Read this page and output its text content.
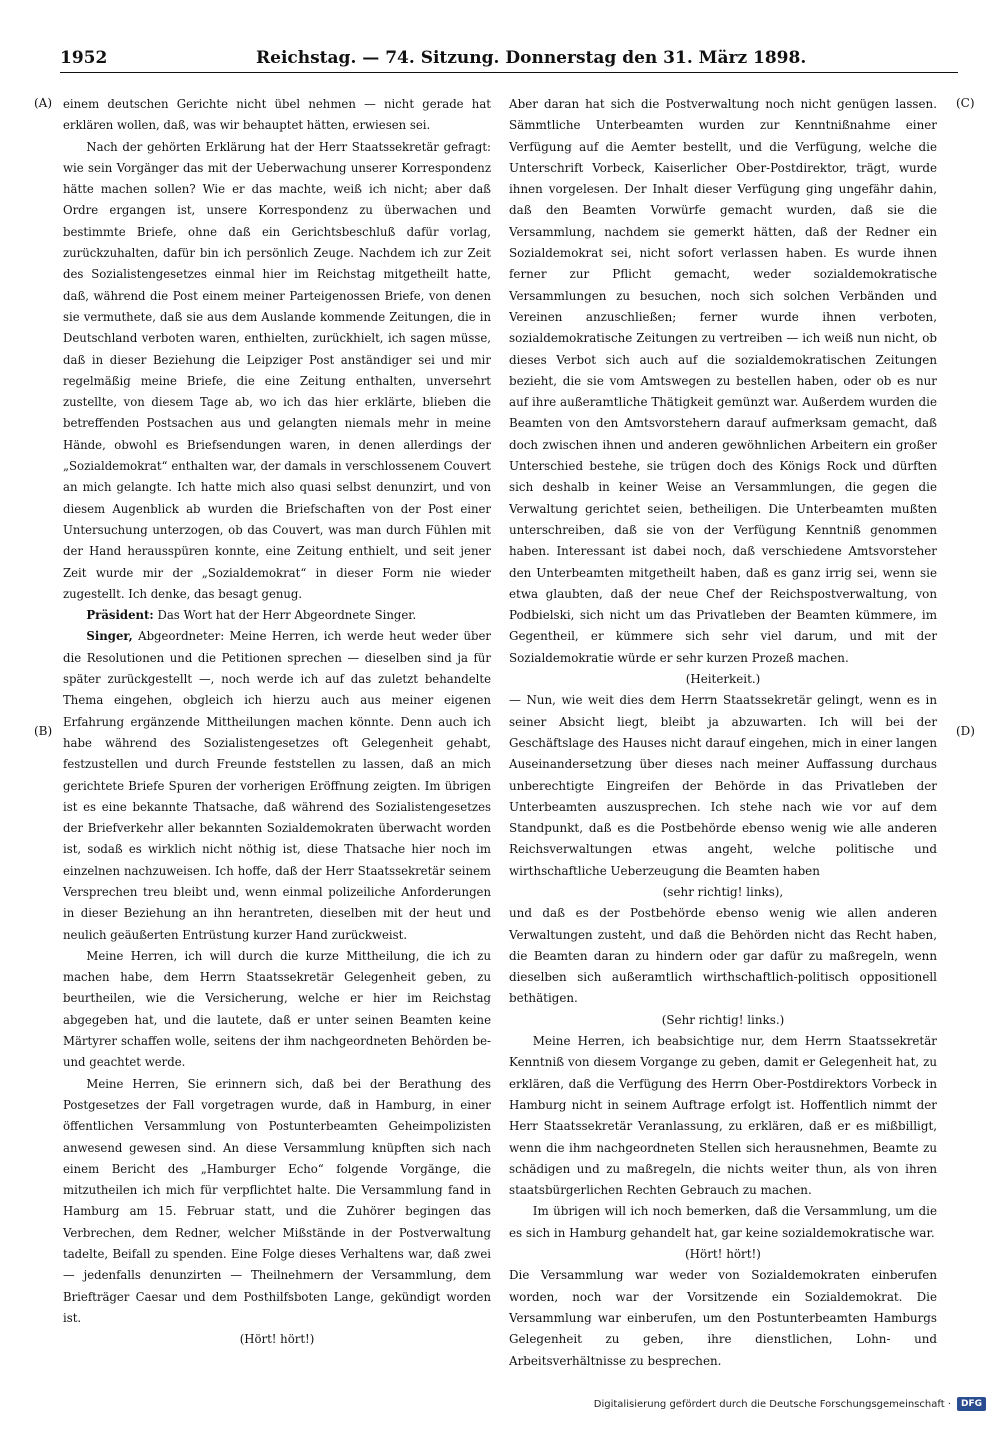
1952	Reichstag. — 74. Sitzung. Donnerstag den 31. März 1898.
(A)
(B)
(C)
(D)

einem deutschen Gerichte nicht übel nehmen — nicht gerade hat erklären wollen, daß, was wir behauptet hätten, erwiesen sei.

Nach der gehörten Erklärung hat der Herr Staatssekretär gefragt: wie sein Vorgänger das mit der Ueberwachung unserer Korrespondenz hätte machen sollen? Wie er das machte, weiß ich nicht; aber daß Ordre ergangen ist, unsere Korrespondenz zu überwachen und bestimmte Briefe, ohne daß ein Gerichtsbeschluß dafür vorlag, zurückzuhalten, dafür bin ich persönlich Zeuge. Nachdem ich zur Zeit des Sozialistengesetzes einmal hier im Reichstag mitgetheilt hatte, daß, während die Post einem meiner Parteigenossen Briefe, von denen sie vermuthete, daß sie aus dem Auslande kommende Zeitungen, die in Deutschland verboten waren, enthielten, zurückhielt, ich sagen müsse, daß in dieser Beziehung die Leipziger Post anständiger sei und mir regelmäßig meine Briefe, die eine Zeitung enthalten, unversehrt zustellte, von diesem Tage ab, wo ich das hier erklärte, blieben die betreffenden Postsachen aus und gelangten niemals mehr in meine Hände, obwohl es Briefsendungen waren, in denen allerdings der „Sozialdemokrat“ enthalten war, der damals in verschlossenem Couvert an mich gelangte. Ich hatte mich also quasi selbst denunzirt, und von diesem Augenblick ab wurden die Briefschaften von der Post einer Untersuchung unterzogen, ob das Couvert, was man durch Fühlen mit der Hand herausspüren konnte, eine Zeitung enthielt, und seit jener Zeit wurde mir der „Sozialdemokrat“ in dieser Form nie wieder zugestellt. Ich denke, das besagt genug.

Präsident: Das Wort hat der Herr Abgeordnete Singer.

Singer, Abgeordneter: Meine Herren, ich werde heut weder über die Resolutionen und die Petitionen sprechen — dieselben sind ja für später zurückgestellt —, noch werde ich auf das zuletzt behandelte Thema eingehen, obgleich ich hierzu auch aus meiner eigenen Erfahrung ergänzende Mittheilungen machen könnte. Denn auch ich habe während des Sozialistengesetzes oft Gelegenheit gehabt, festzustellen und durch Freunde feststellen zu lassen, daß an mich gerichtete Briefe Spuren der vorherigen Eröffnung zeigten. Im übrigen ist es eine bekannte Thatsache, daß während des Sozialistengesetzes der Briefverkehr aller bekannten Sozialdemokraten überwacht worden ist, sodaß es wirklich nicht nöthig ist, diese Thatsache hier noch im einzelnen nachzuweisen. Ich hoffe, daß der Herr Staatssekretär seinem Versprechen treu bleibt und, wenn einmal polizeiliche Anforderungen in dieser Beziehung an ihn herantreten, dieselben mit der heut und neulich geäußerten Entrüstung kurzer Hand zurückweist.

Meine Herren, ich will durch die kurze Mittheilung, die ich zu machen habe, dem Herrn Staatssekretär Gelegenheit geben, zu beurtheilen, wie die Versicherung, welche er hier im Reichstag abgegeben hat, und die lautete, daß er unter seinen Beamten keine Märtyrer schaffen wolle, seitens der ihm nachgeordneten Behörden be- und geachtet werde.

Meine Herren, Sie erinnern sich, daß bei der Berathung des Postgesetzes der Fall vorgetragen wurde, daß in Hamburg, in einer öffentlichen Versammlung von Postunterbeamten Geheimpolizisten anwesend gewesen sind. An diese Versammlung knüpften sich nach einem Bericht des „Hamburger Echo“ folgende Vorgänge, die mitzutheilen ich mich für verpflichtet halte. Die Versammlung fand in Hamburg am 15. Februar statt, und die Zuhörer begingen das Verbrechen, dem Redner, welcher Mißstände in der Postverwaltung tadelte, Beifall zu spenden. Eine Folge dieses Verhaltens war, daß zwei — jedenfalls denunzirten — Theilnehmern der Versammlung, dem Briefträger Caesar und dem Posthilfsboten Lange, gekündigt worden ist.

(Hört! hört!)

Aber daran hat sich die Postverwaltung noch nicht genügen lassen. Sämmtliche Unterbeamten wurden zur Kenntnißnahme einer Verfügung auf die Aemter bestellt, und die Verfügung, welche die Unterschrift Vorbeck, Kaiserlicher Ober-Postdirektor, trägt, wurde ihnen vorgelesen. Der Inhalt dieser Verfügung ging ungefähr dahin, daß den Beamten Vorwürfe gemacht wurden, daß sie die Versammlung, nachdem sie gemerkt hätten, daß der Redner ein Sozialdemokrat sei, nicht sofort verlassen haben. Es wurde ihnen ferner zur Pflicht gemacht, weder sozialdemokratische Versammlungen zu besuchen, noch sich solchen Verbänden und Vereinen anzuschließen; ferner wurde ihnen verboten, sozialdemokratische Zeitungen zu vertreiben — ich weiß nun nicht, ob dieses Verbot sich auch auf die sozialdemokratischen Zeitungen bezieht, die sie vom Amtswegen zu bestellen haben, oder ob es nur auf ihre außeramtliche Thätigkeit gemünzt war. Außerdem wurden die Beamten von den Amtsvorstehern darauf aufmerksam gemacht, daß doch zwischen ihnen und anderen gewöhnlichen Arbeitern ein großer Unterschied bestehe, sie trügen doch des Königs Rock und dürften sich deshalb in keiner Weise an Versammlungen, die gegen die Verwaltung gerichtet seien, betheiligen. Die Unterbeamten mußten unterschreiben, daß sie von der Verfügung Kenntniß genommen haben. Interessant ist dabei noch, daß verschiedene Amtsvorsteher den Unterbeamten mitgetheilt haben, daß es ganz irrig sei, wenn sie etwa glaubten, daß der neue Chef der Reichspostverwaltung, von Podbielski, sich nicht um das Privatleben der Beamten kümmere, im Gegentheil, er kümmere sich sehr viel darum, und mit der Sozialdemokratie würde er sehr kurzen Prozeß machen.

(Heiterkeit.)

— Nun, wie weit dies dem Herrn Staatssekretär gelingt, wenn es in seiner Absicht liegt, bleibt ja abzuwarten. Ich will bei der Geschäftslage des Hauses nicht darauf eingehen, mich in einer langen Auseinandersetzung über dieses nach meiner Auffassung durchaus unberechtigte Eingreifen der Behörde in das Privatleben der Unterbeamten auszusprechen. Ich stehe nach wie vor auf dem Standpunkt, daß es die Postbehörde ebenso wenig wie alle anderen Reichsverwaltungen etwas angeht, welche politische und wirthschaftliche Ueberzeugung die Beamten haben

(sehr richtig! links),

und daß es der Postbehörde ebenso wenig wie allen anderen Verwaltungen zusteht, und daß die Behörden nicht das Recht haben, die Beamten daran zu hindern oder gar dafür zu maßregeln, wenn dieselben sich außeramtlich wirthschaftlich-politisch oppositionell bethätigen.

(Sehr richtig! links.)

Meine Herren, ich beabsichtige nur, dem Herrn Staatssekretär Kenntniß von diesem Vorgange zu geben, damit er Gelegenheit hat, zu erklären, daß die Verfügung des Herrn Ober-Postdirektors Vorbeck in Hamburg nicht in seinem Auftrage erfolgt ist. Hoffentlich nimmt der Herr Staatssekretär Veranlassung, zu erklären, daß er es mißbilligt, wenn die ihm nachgeordneten Stellen sich herausnehmen, Beamte zu schädigen und zu maßregeln, die nichts weiter thun, als von ihren staatsbürgerlichen Rechten Gebrauch zu machen.

Im übrigen will ich noch bemerken, daß die Versammlung, um die es sich in Hamburg gehandelt hat, gar keine sozialdemokratische war.

(Hört! hört!)

Die Versammlung war weder von Sozialdemokraten einberufen worden, noch war der Vorsitzende ein Sozialdemokrat. Die Versammlung war einberufen, um den Postunterbeamten Hamburgs Gelegenheit zu geben, ihre dienstlichen, Lohn- und Arbeitsverhältnisse zu besprechen.

Digitalisierung gefördert durch die Deutsche Forschungsgemeinschaft ·	DFG
